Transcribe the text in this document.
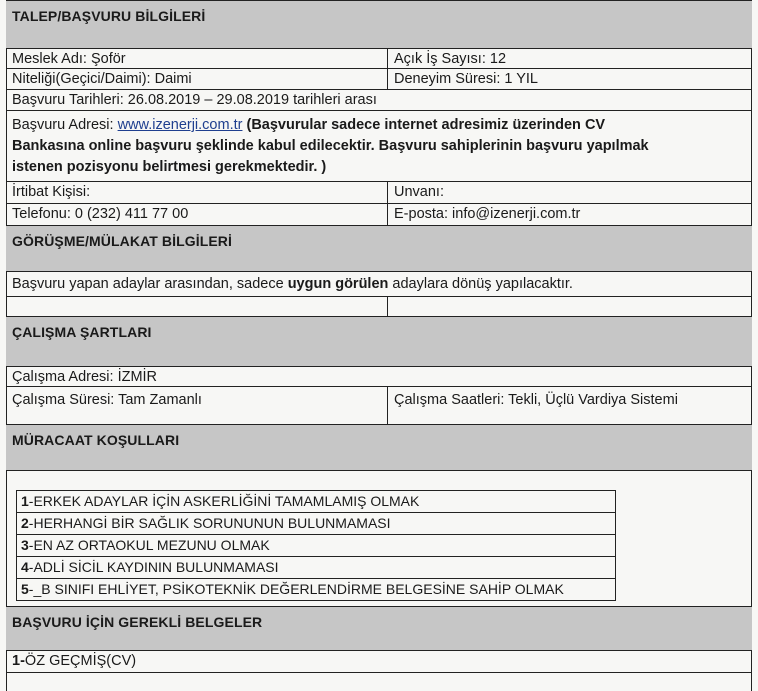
TALEP/BAŞVURU BİLGİLERİ
Meslek Adı: Şoför	Açık İş Sayısı: 12
Niteliği(Geçici/Daimi): Daimi	Deneyim Süresi: 1 YIL
Başvuru Tarihleri: 26.08.2019 – 29.08.2019 tarihleri arası
Başvuru Adresi: www.izenerji.com.tr (Başvurular sadece internet adresimiz üzerinden CV
Bankasına online başvuru şeklinde kabul edilecektir. Başvuru sahiplerinin başvuru yapılmak
istenen pozisyonu belirtmesi gerekmektedir. )
İrtibat Kişisi:	Unvanı:
Telefonu: 0 (232) 411 77 00	E-posta: info@izenerji.com.tr
GÖRÜŞME/MÜLAKAT BİLGİLERİ
Başvuru yapan adaylar arasından, sadece uygun görülen adaylara dönüş yapılacaktır.
ÇALIŞMA ŞARTLARI
Çalışma Adresi: İZMİR
Çalışma Süresi: Tam Zamanlı	Çalışma Saatleri: Tekli, Üçlü Vardiya Sistemi
MÜRACAAT KOŞULLARI
1-ERKEK ADAYLAR İÇİN ASKERLİĞİNİ TAMAMLAMIŞ OLMAK
2-HERHANGİ BİR SAĞLIK SORUNUNUN BULUNMAMASI
3-EN AZ ORTAOKUL MEZUNU OLMAK
4-ADLİ SİCİL KAYDININ BULUNMAMASI
5-_B SINIFI EHLİYET, PSİKOTEKNİK DEĞERLENDİRME BELGESİNE SAHİP OLMAK
BAŞVURU İÇİN GEREKLİ BELGELER
1-ÖZ GEÇMİŞ(CV)
